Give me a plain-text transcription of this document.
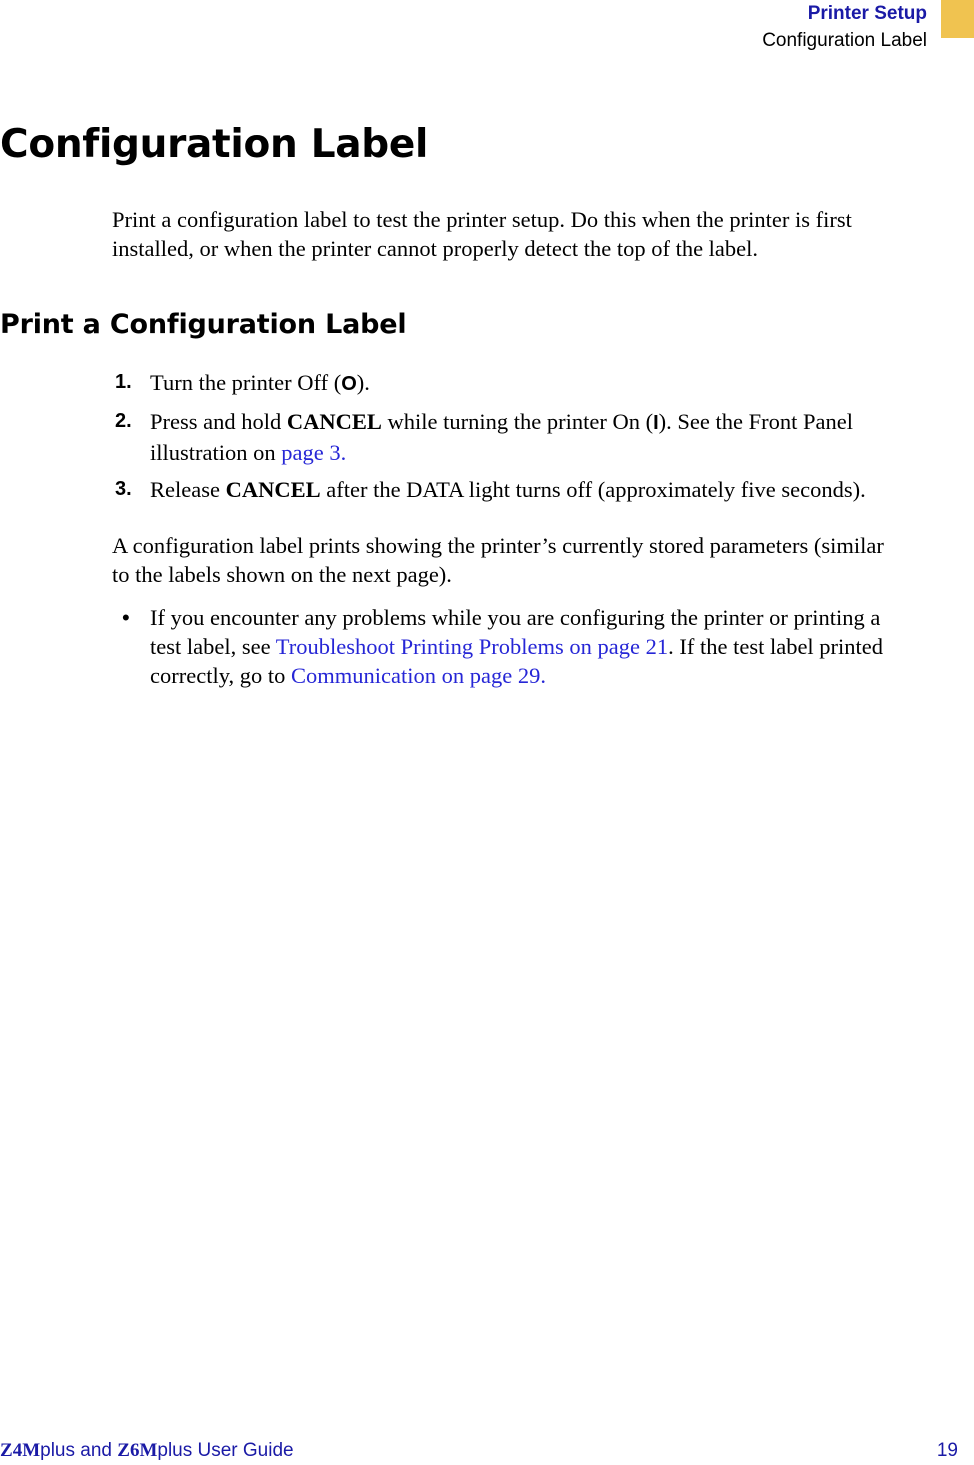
Printer Setup
Configuration Label
Configuration Label

Print a configuration label to test the printer setup. Do this when the printer is first
installed, or when the printer cannot properly detect the top of the label.

Print a Configuration Label
1. Turn the printer Off (O).
2. Press and hold CANCEL while turning the printer On (I). See the Front Panel
illustration on page 3.
3. Release CANCEL after the DATA light turns off (approximately five seconds).

A configuration label prints showing the printer’s currently stored parameters (similar
to the labels shown on the next page).

• If you encounter any problems while you are configuring the printer or printing a
test label, see Troubleshoot Printing Problems on page 21. If the test label printed
correctly, go to Communication on page 29.
Z4Mplus and Z6Mplus User Guide	19
